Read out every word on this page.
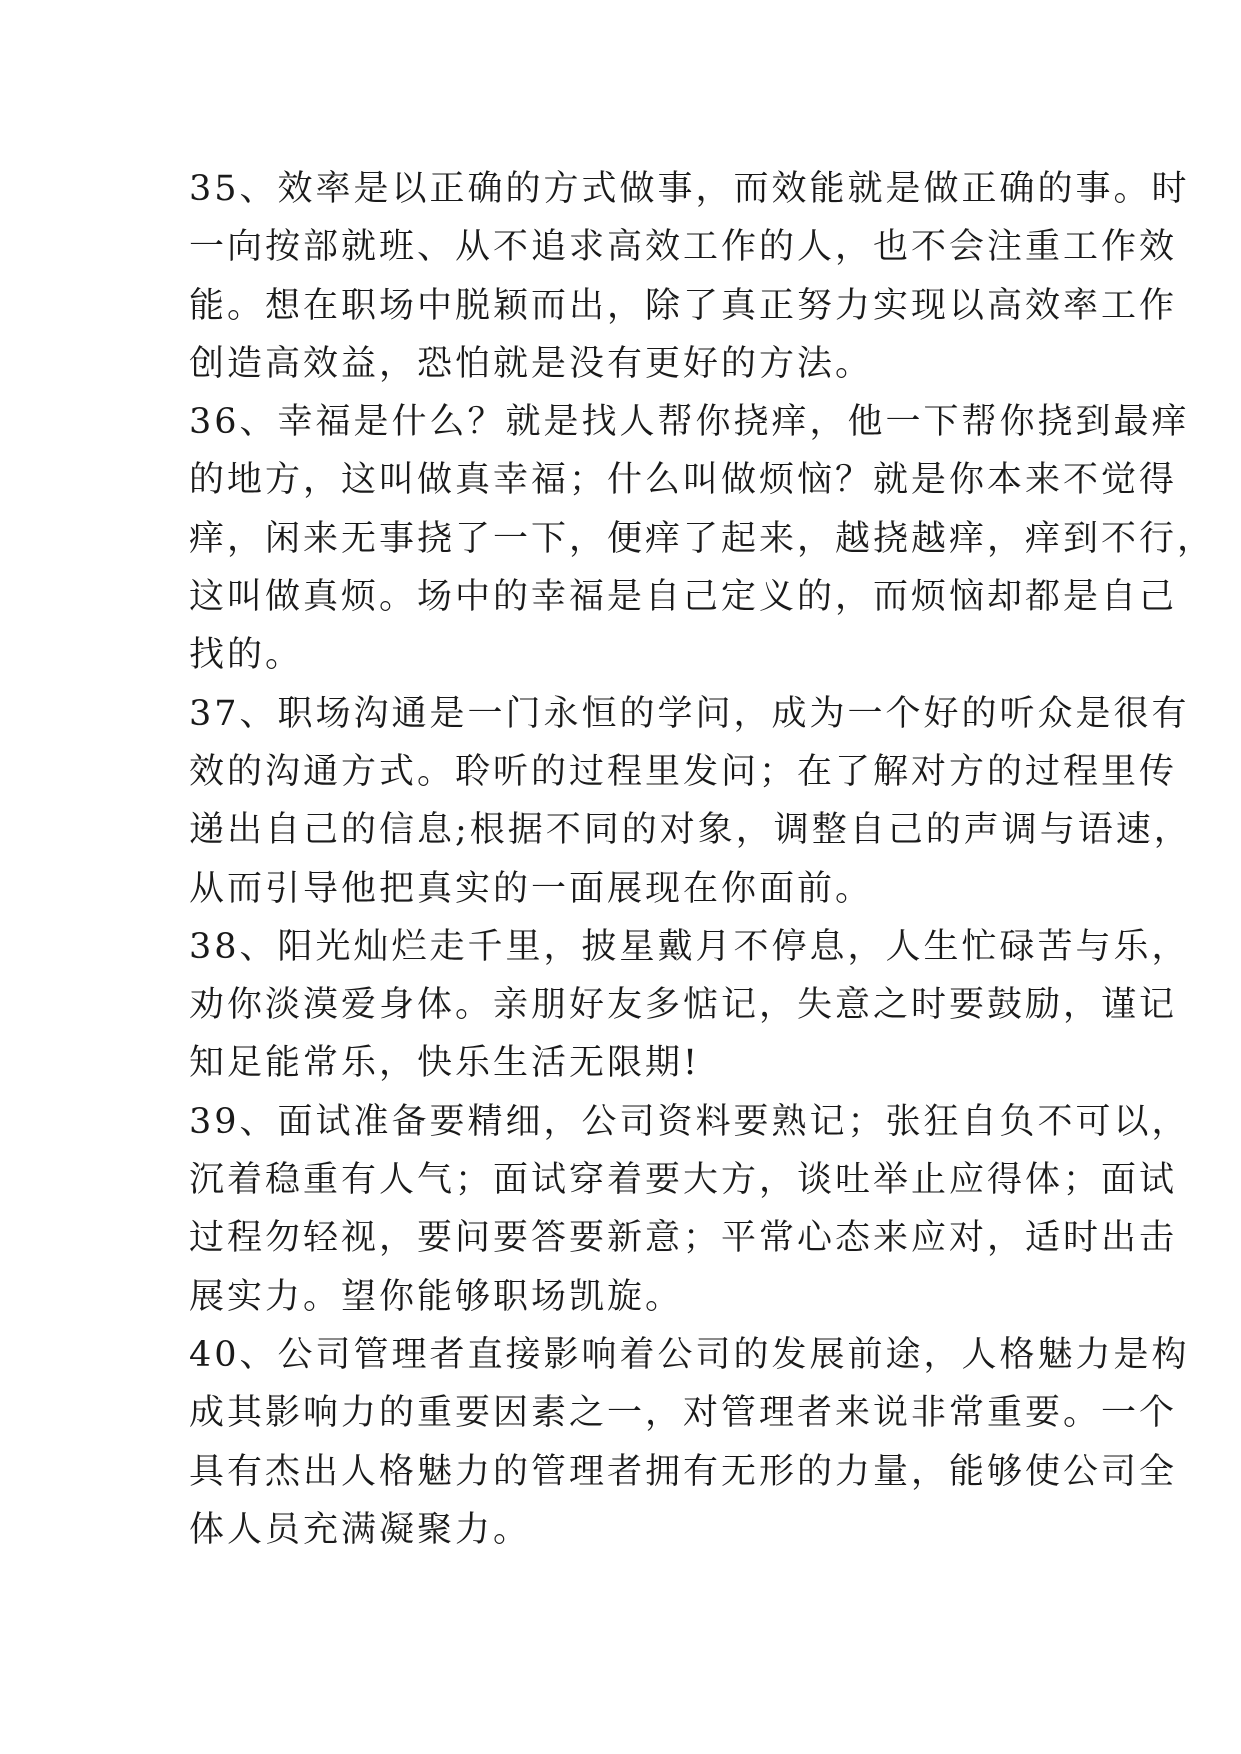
35、效率是以正确的方式做事，而效能就是做正确的事。时
一向按部就班、从不追求高效工作的人，也不会注重工作效
能。想在职场中脱颖而出，除了真正努力实现以高效率工作
创造高效益，恐怕就是没有更好的方法。
36、幸福是什么？就是找人帮你挠痒，他一下帮你挠到最痒
的地方，这叫做真幸福；什么叫做烦恼？就是你本来不觉得
痒，闲来无事挠了一下，便痒了起来，越挠越痒，痒到不行，
这叫做真烦。场中的幸福是自己定义的，而烦恼却都是自己
找的。
37、职场沟通是一门永恒的学问，成为一个好的听众是很有
效的沟通方式。聆听的过程里发问；在了解对方的过程里传
递出自己的信息;根据不同的对象，调整自己的声调与语速，
从而引导他把真实的一面展现在你面前。
38、阳光灿烂走千里，披星戴月不停息，人生忙碌苦与乐，
劝你淡漠爱身体。亲朋好友多惦记，失意之时要鼓励，谨记
知足能常乐，快乐生活无限期!
39、面试准备要精细，公司资料要熟记；张狂自负不可以，
沉着稳重有人气；面试穿着要大方，谈吐举止应得体；面试
过程勿轻视，要问要答要新意；平常心态来应对，适时出击
展实力。望你能够职场凯旋。
40、公司管理者直接影响着公司的发展前途，人格魅力是构
成其影响力的重要因素之一，对管理者来说非常重要。一个
具有杰出人格魅力的管理者拥有无形的力量，能够使公司全
体人员充满凝聚力。
